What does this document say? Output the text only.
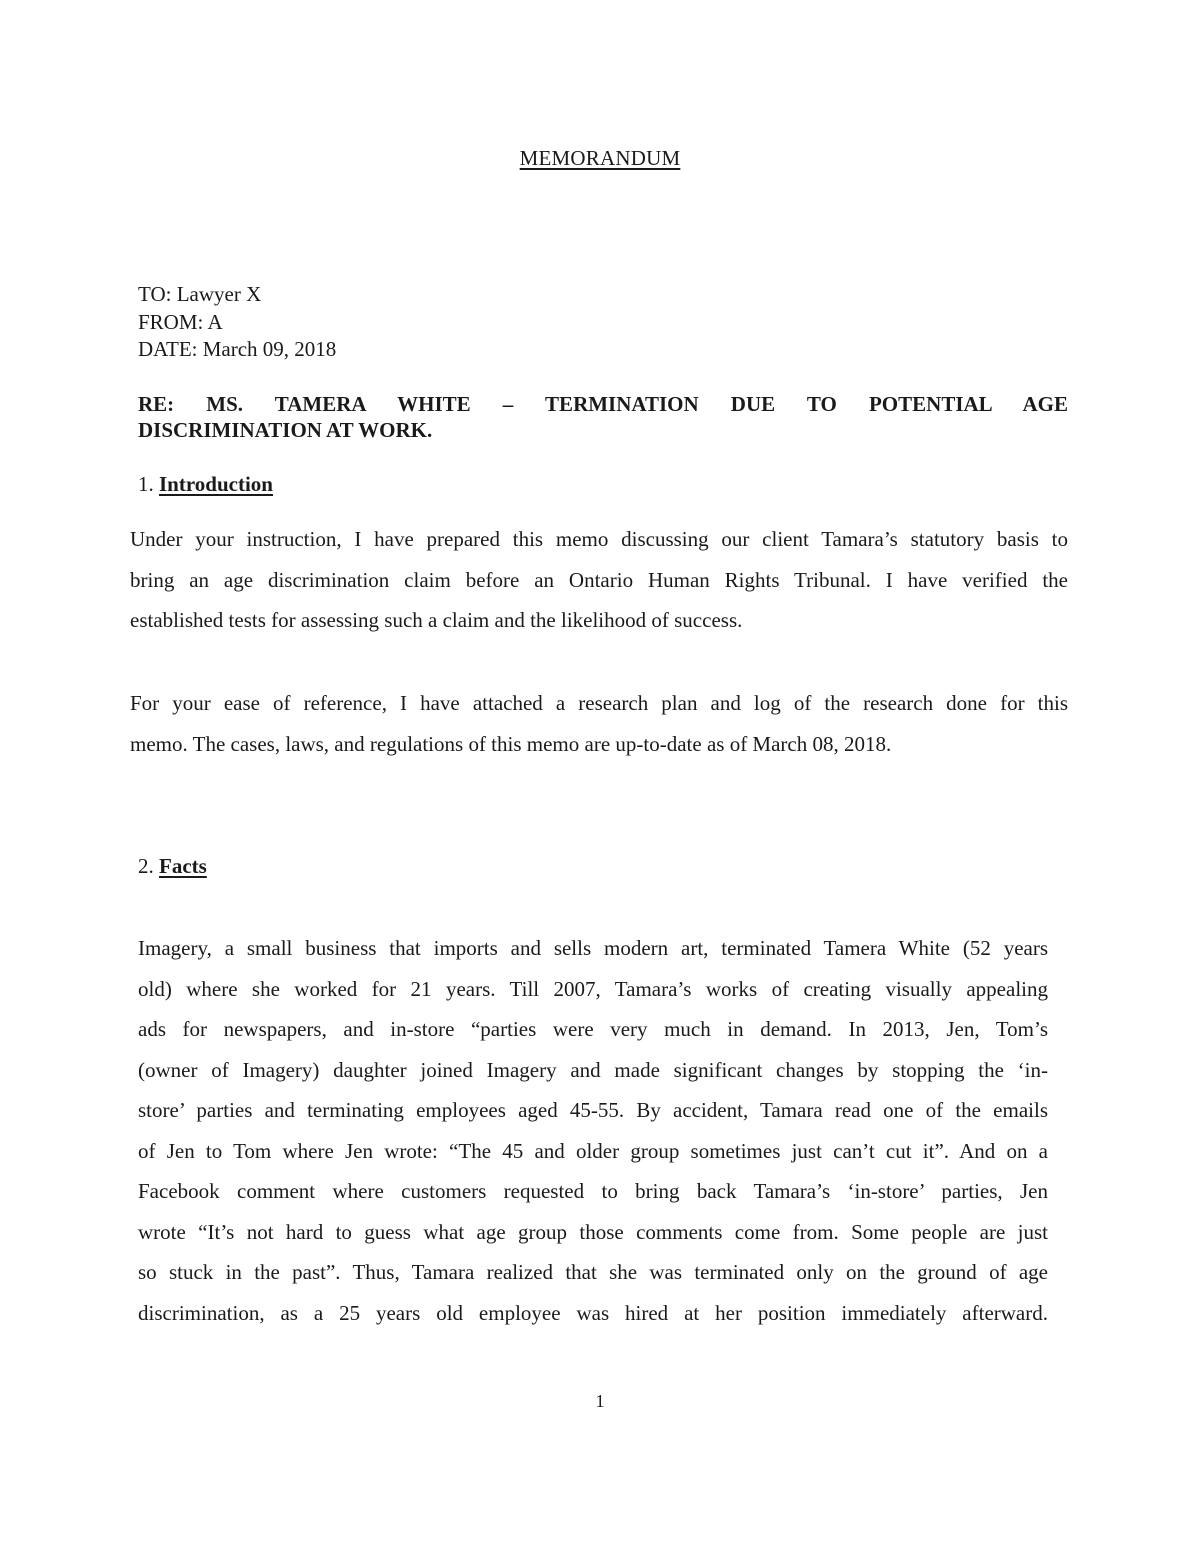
MEMORANDUM
TO: Lawyer X
FROM: A
DATE: March 09, 2018
RE: MS. TAMERA WHITE – TERMINATION DUE TO POTENTIAL AGE
DISCRIMINATION AT WORK.
1. Introduction
Under your instruction, I have prepared this memo discussing our client Tamara’s statutory basis to
bring an age discrimination claim before an Ontario Human Rights Tribunal. I have verified the
established tests for assessing such a claim and the likelihood of success.
For your ease of reference, I have attached a research plan and log of the research done for this
memo. The cases, laws, and regulations of this memo are up-to-date as of March 08, 2018.
2. Facts
Imagery, a small business that imports and sells modern art, terminated Tamera White (52 years
old) where she worked for 21 years. Till 2007, Tamara’s works of creating visually appealing
ads for newspapers, and in-store “parties were very much in demand. In 2013, Jen, Tom’s
(owner of Imagery) daughter joined Imagery and made significant changes by stopping the ‘in-
store’ parties and terminating employees aged 45-55. By accident, Tamara read one of the emails
of Jen to Tom where Jen wrote: “The 45 and older group sometimes just can’t cut it”. And on a
Facebook comment where customers requested to bring back Tamara’s ‘in-store’ parties, Jen
wrote “It’s not hard to guess what age group those comments come from. Some people are just
so stuck in the past”. Thus, Tamara realized that she was terminated only on the ground of age
discrimination, as a 25 years old employee was hired at her position immediately afterward.
1
